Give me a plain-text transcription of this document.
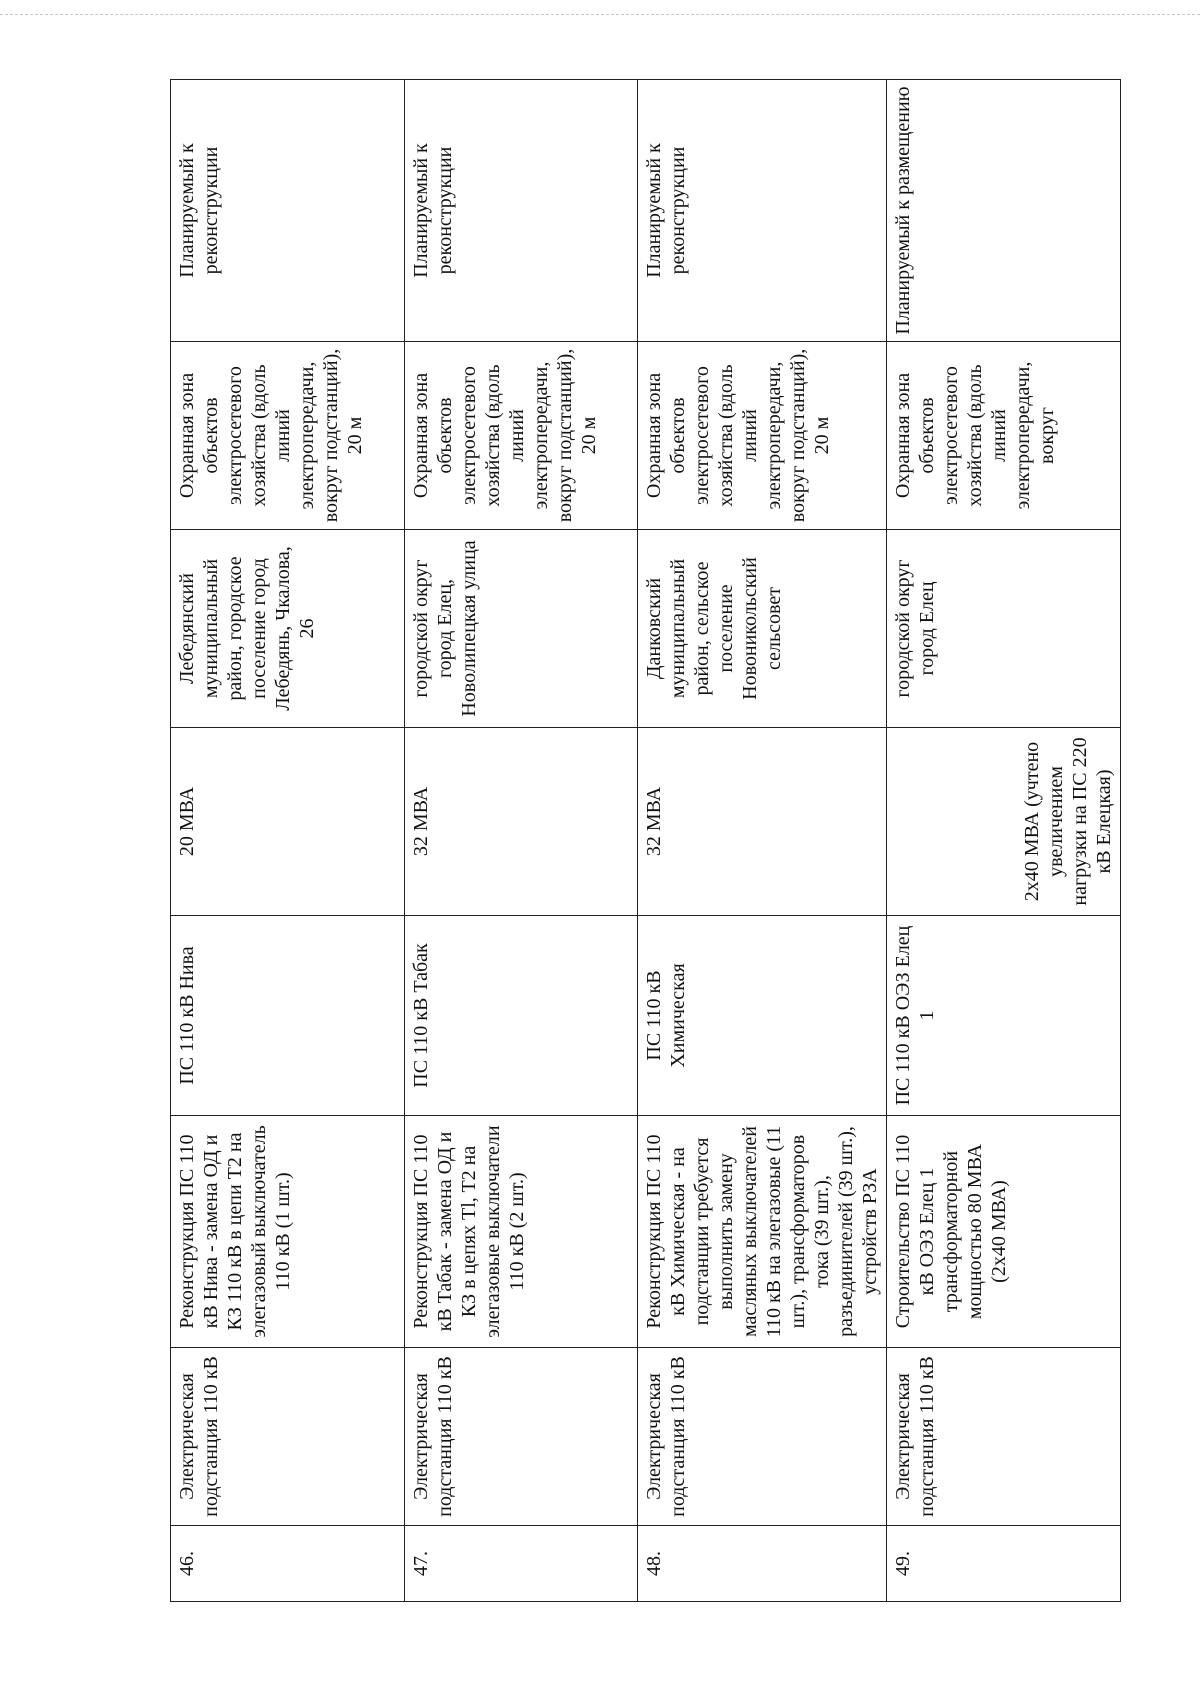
46.	Электрическая подстанция 110 кВ	Реконструкция ПС 110 кВ Нива - замена ОД и КЗ 110 кВ в цепи Т2 на элегазовый выключатель 110 кВ (1 шт.)	ПС 110 кВ Нива	20 МВА	Лебедянский муниципальный район, городское поселение город Лебедянь, Чкалова, 26	Охранная зона объектов электросетевого хозяйства (вдоль линий электропередачи, вокруг подстанций), 20 м	Планируемый к реконструкции
47.	Электрическая подстанция 110 кВ	Реконструкция ПС 110 кВ Табак - замена ОД и КЗ в цепях Tl, T2 на элегазовые выключатели 110 кВ (2 шт.)	ПС 110 кВ Табак	32 МВА	городской округ город Елец, Новолипецкая улица	Охранная зона объектов электросетевого хозяйства (вдоль линий электропередачи, вокруг подстанций), 20 м	Планируемый к реконструкции
48.	Электрическая подстанция 110 кВ	Реконструкция ПС 110 кВ Химическая - на подстанции требуется выполнить замену масляных выключателей 110 кВ на элегазовые (11 шт.), трансформаторов тока (39 шт.), разъединителей (39 шт.), устройств РЗА	ПС 110 кВ Химическая	32 МВА	Данковский муниципальный район, сельское поселение Новоникольский сельсовет	Охранная зона объектов электросетевого хозяйства (вдоль линий электропередачи, вокруг подстанций), 20 м	Планируемый к реконструкции
49.	Электрическая подстанция 110 кВ	Строительство ПС 110 кВ ОЭЗ Елец 1 трансформаторной мощностью 80 МВА (2x40 МВА)	ПС 110 кВ ОЭЗ Елец 1	2x40 МВА (учтено увеличением нагрузки на ПС 220 кВ Елецкая)	городской округ город Елец	Охранная зона объектов электросетевого хозяйства (вдоль линий электропередачи, вокруг	Планируемый к размещению
